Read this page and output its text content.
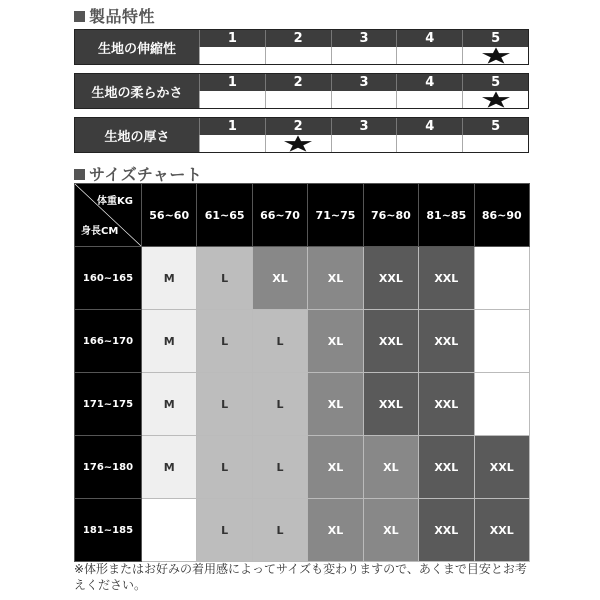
製品特性
生地の伸縮性
1	2	3	4	5
生地の柔らかさ
1	2	3	4	5
生地の厚さ
1	2	3	4	5
サイズチャート
体重KG
身長CM	56~60	61~65	66~70	71~75	76~80	81~85	86~90
160~165	M	L	XL	XL	XXL	XXL	
166~170	M	L	L	XL	XXL	XXL	
171~175	M	L	L	XL	XXL	XXL	
176~180	M	L	L	XL	XL	XXL	XXL
181~185		L	L	XL	XL	XXL	XXL
※体形またはお好みの着用感によってサイズも変わりますので、あくまで目安とお考えください。
